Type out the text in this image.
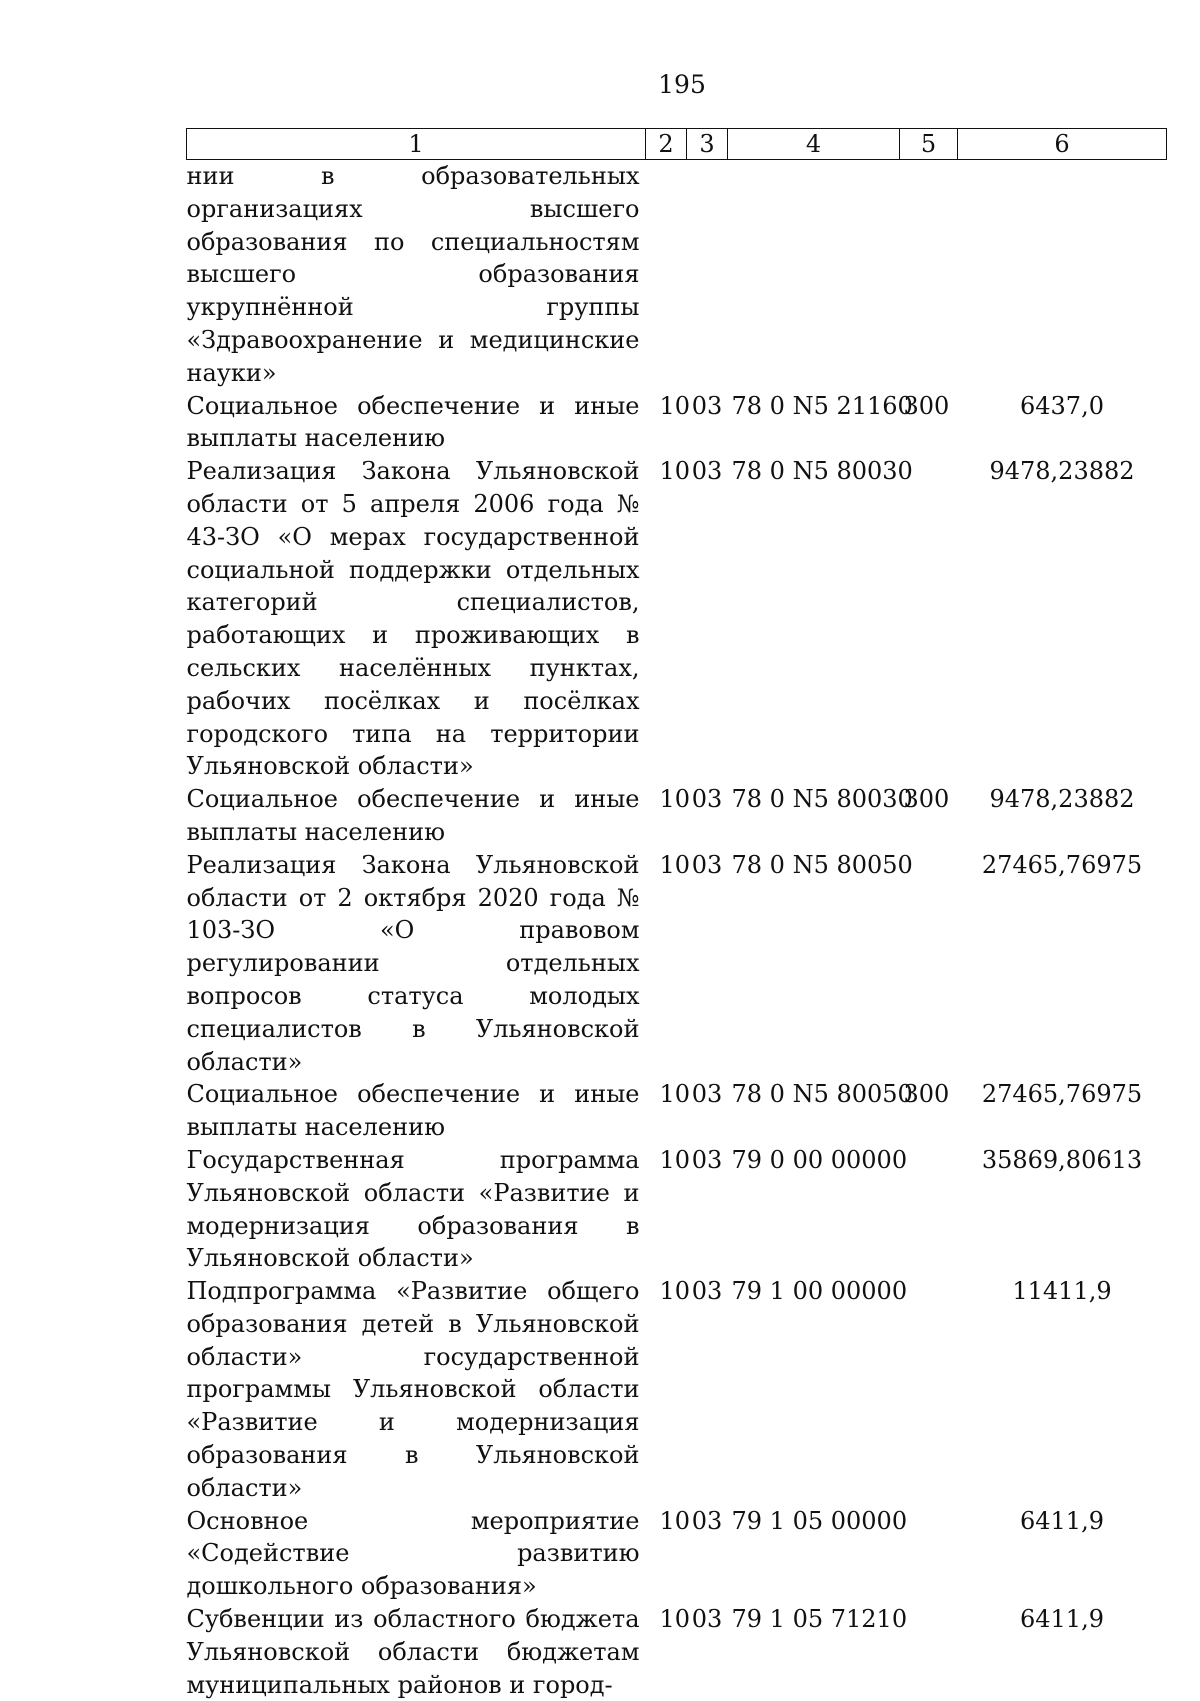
195
1	2	3	4	5	6
нии в образовательных организациях высшего образования по специальностям высшего образования укрупнённой группы «Здравоохранение и медицинские науки»					
Социальное обеспечение и иные выплаты населению	10	03	78 0 N5 21160	300	6437,0
Реализация Закона Ульяновской области от 5 апреля 2006 года № 43-ЗО «О мерах государственной социальной поддержки отдельных категорий специалистов, работающих и проживающих в сельских населённых пунктах, рабочих посёлках и посёлках городского типа на территории Ульяновской области»	10	03	78 0 N5 80030		9478,23882
Социальное обеспечение и иные выплаты населению	10	03	78 0 N5 80030	300	9478,23882
Реализация Закона Ульяновской области от 2 октября 2020 года № 103-ЗО «О правовом регулировании отдельных вопросов статуса молодых специалистов в Ульяновской области»	10	03	78 0 N5 80050		27465,76975
Социальное обеспечение и иные выплаты населению	10	03	78 0 N5 80050	300	27465,76975
Государственная программа Ульяновской области «Развитие и модернизация образования в Ульяновской области»	10	03	79 0 00 00000		35869,80613
Подпрограмма «Развитие общего образования детей в Ульяновской области» государственной программы Ульяновской области «Развитие и модернизация образования в Ульяновской области»	10	03	79 1 00 00000		11411,9
Основное мероприятие «Содействие развитию дошкольного образования»	10	03	79 1 05 00000		6411,9
Субвенции из областного бюджета Ульяновской области бюджетам муниципальных районов и город-	10	03	79 1 05 71210		6411,9
